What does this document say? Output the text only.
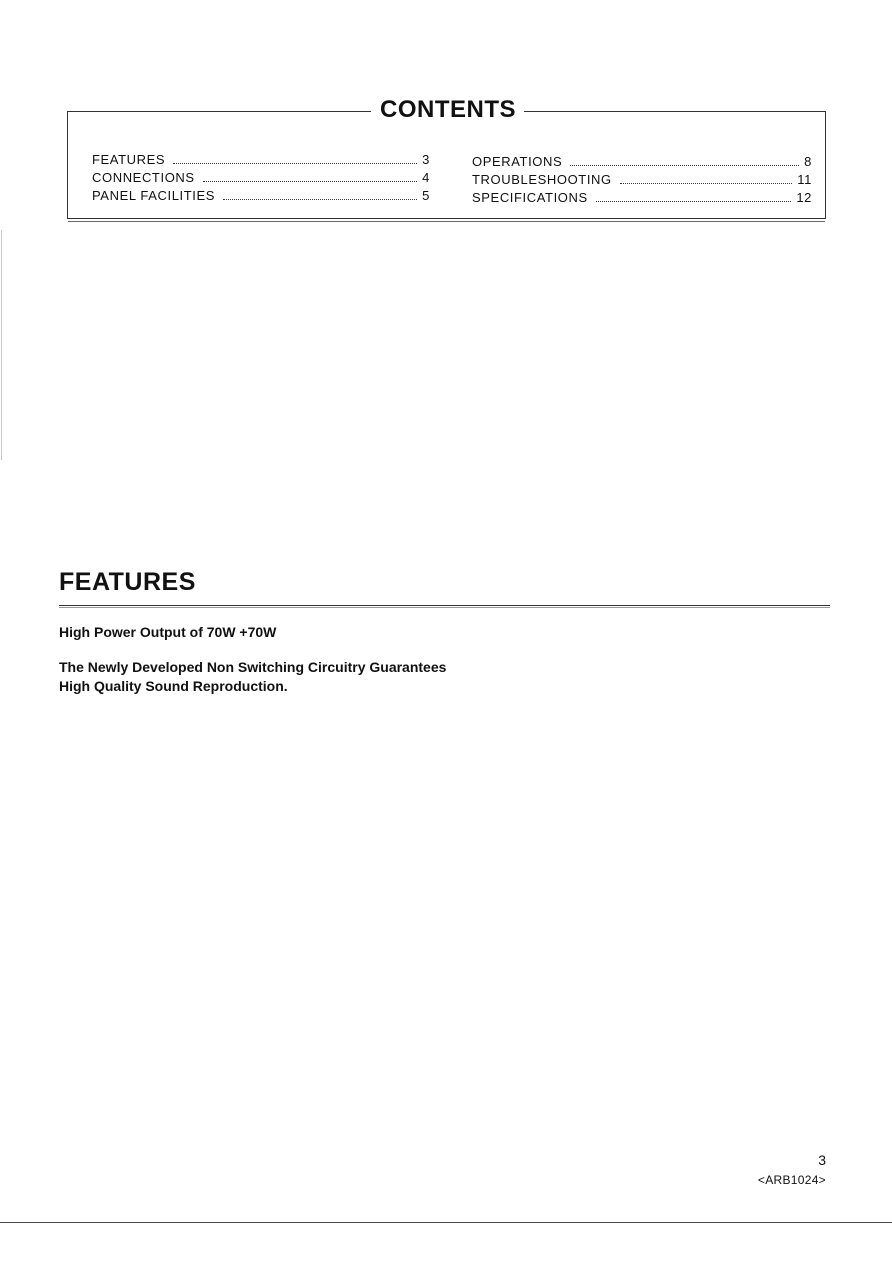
CONTENTS
FEATURES	3
CONNECTIONS	4
PANEL FACILITIES	5
OPERATIONS	8
TROUBLESHOOTING	11
SPECIFICATIONS	12
FEATURES
High Power Output of 70W +70W
The Newly Developed Non Switching Circuitry Guarantees High Quality Sound Reproduction.
3
<ARB1024>
